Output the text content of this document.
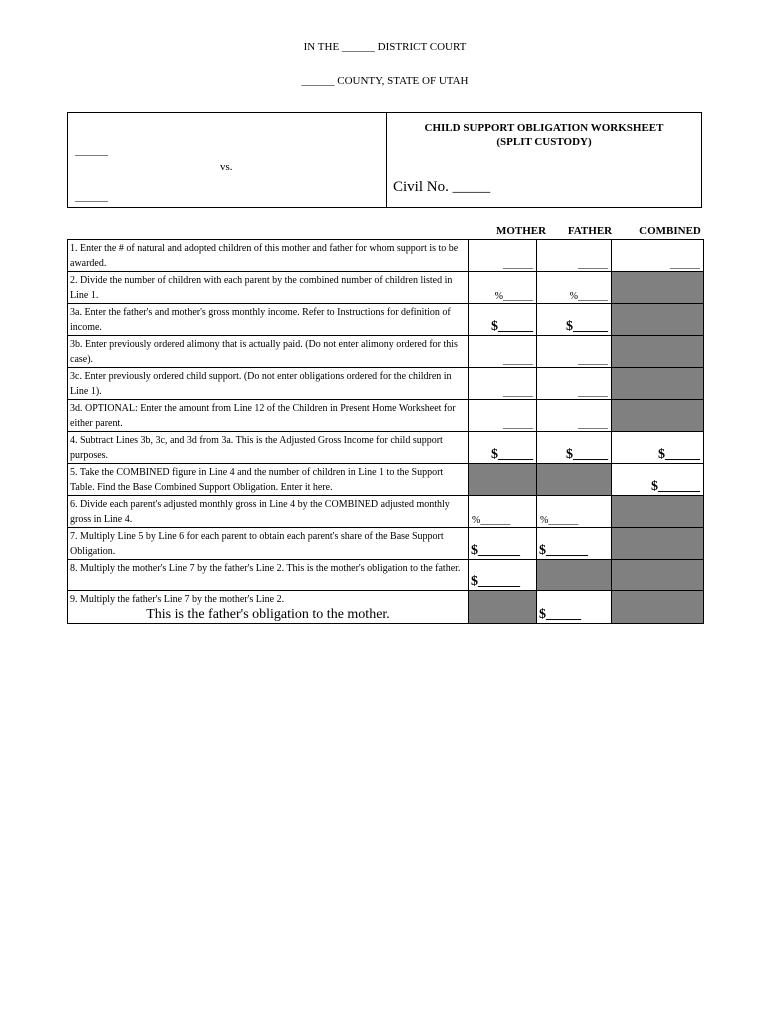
IN THE ______ DISTRICT COURT
______ COUNTY, STATE OF UTAH
______
vs.
______
CHILD SUPPORT OBLIGATION WORKSHEET
(SPLIT CUSTODY)
Civil No. _____
MOTHER	FATHER	COMBINED
1. Enter the # of natural and adopted children of this mother and father for whom support is to be awarded.	______	______	______

2. Divide the number of children with each parent by the combined number of children listed in Line 1.	%______	%______	

3a. Enter the father's and mother's gross monthly income. Refer to Instructions for definition of income.	$_____	$_____	

3b. Enter previously ordered alimony that is actually paid. (Do not enter alimony ordered for this case).	______	______	

3c. Enter previously ordered child support. (Do not enter obligations ordered for the children in Line 1).	______	______	

3d. OPTIONAL: Enter the amount from Line 12 of the Children in Present Home Worksheet for either parent.	______	______	

4. Subtract Lines 3b, 3c, and 3d from 3a. This is the Adjusted Gross Income for child support purposes.	$_____	$_____	$_____

5. Take the COMBINED figure in Line 4 and the number of children in Line 1 to the Support Table. Find the Base Combined Support Obligation. Enter it here.			$______

6. Divide each parent's adjusted monthly gross in Line 4 by the COMBINED adjusted monthly gross in Line 4.	%______	%______	

7. Multiply Line 5 by Line 6 for each parent to obtain each parent's share of the Base Support Obligation.	$______	$______	

8. Multiply the mother's Line 7 by the father's Line 2. This is the mother's obligation to the father.	$______		

9. Multiply the father's Line 7 by the mother's Line 2.
This is the father's obligation to the mother.		$_____	
